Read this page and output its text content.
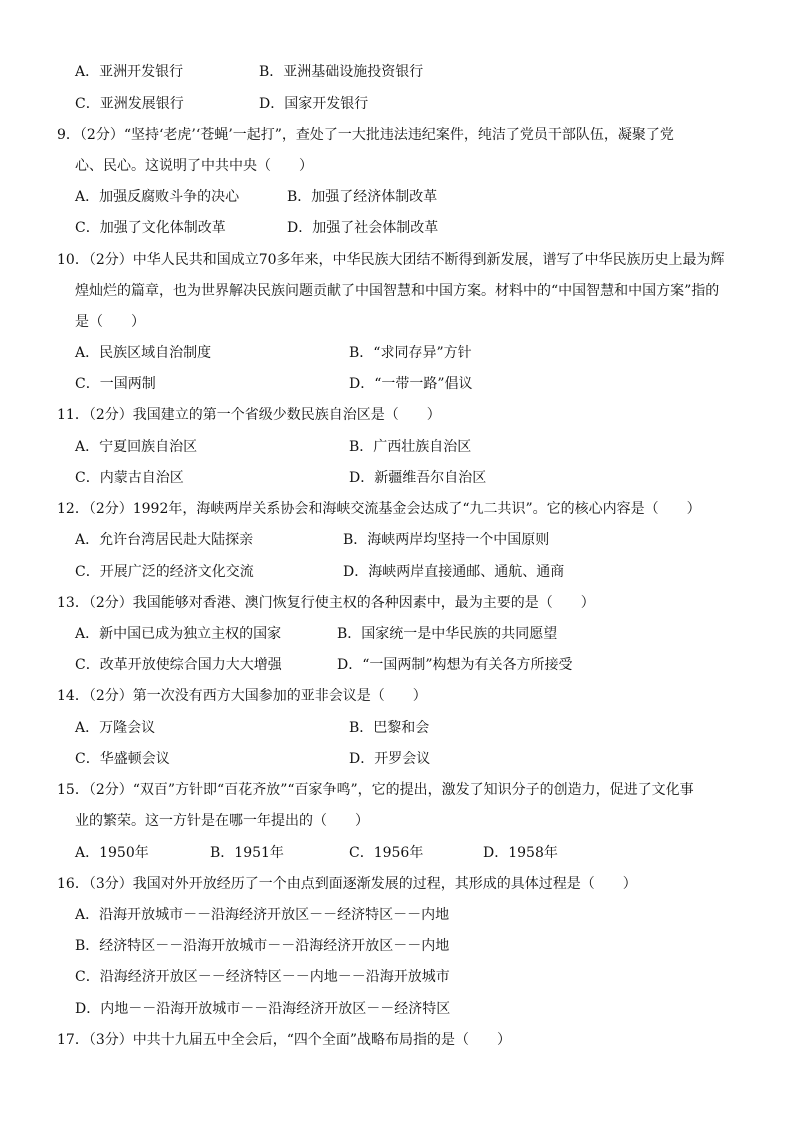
A．亚洲开发银行	B．亚洲基础设施投资银行
C．亚洲发展银行	D．国家开发银行
9．（2分）“坚持‘老虎’‘苍蝇’一起打”，查处了一大批违法违纪案件，纯洁了党员干部队伍，凝聚了党
心、民心。这说明了中共中央（　　）
A．加强反腐败斗争的决心	B．加强了经济体制改革
C．加强了文化体制改革	D．加强了社会体制改革
10．（2分）中华人民共和国成立70多年来，中华民族大团结不断得到新发展，谱写了中华民族历史上最为辉
煌灿烂的篇章，也为世界解决民族问题贡献了中国智慧和中国方案。材料中的“中国智慧和中国方案”指的
是（　　）
A．民族区域自治制度	B．“求同存异”方针
C．一国两制	D．“一带一路”倡议
11．（2分）我国建立的第一个省级少数民族自治区是（　　）
A．宁夏回族自治区	B．广西壮族自治区
C．内蒙古自治区	D．新疆维吾尔自治区
12．（2分）1992年，海峡两岸关系协会和海峡交流基金会达成了“九二共识”。它的核心内容是（　　）
A．允许台湾居民赴大陆探亲	B．海峡两岸均坚持一个中国原则
C．开展广泛的经济文化交流	D．海峡两岸直接通邮、通航、通商
13．（2分）我国能够对香港、澳门恢复行使主权的各种因素中，最为主要的是（　　）
A．新中国已成为独立主权的国家	B．国家统一是中华民族的共同愿望
C．改革开放使综合国力大大增强	D．“一国两制”构想为有关各方所接受
14．（2分）第一次没有西方大国参加的亚非会议是（　　）
A．万隆会议	B．巴黎和会
C．华盛顿会议	D．开罗会议
15．（2分）“双百”方针即“百花齐放”“百家争鸣”，它的提出，激发了知识分子的创造力，促进了文化事
业的繁荣。这一方针是在哪一年提出的（　　）
A．1950年	B．1951年	C．1956年	D．1958年
16．（3分）我国对外开放经历了一个由点到面逐渐发展的过程，其形成的具体过程是（　　）
A．沿海开放城市－－沿海经济开放区－－经济特区－－内地
B．经济特区－－沿海开放城市－－沿海经济开放区－－内地
C．沿海经济开放区－－经济特区－－内地－－沿海开放城市
D．内地－－沿海开放城市－－沿海经济开放区－－经济特区
17．（3分）中共十九届五中全会后，“四个全面”战略布局指的是（　　）
